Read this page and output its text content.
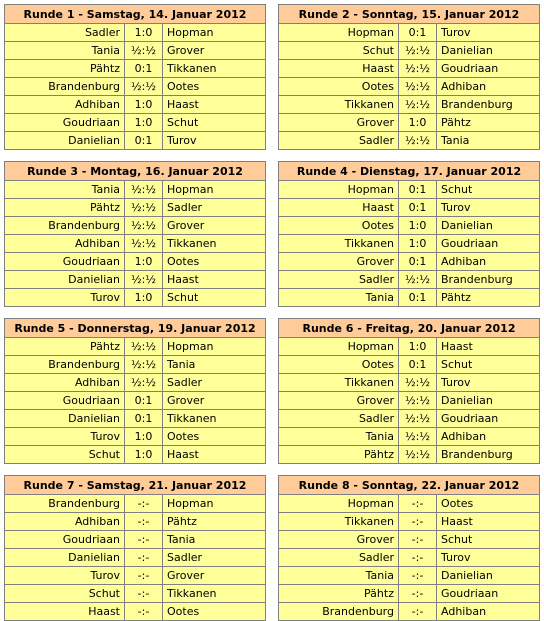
Runde 1 - Samstag, 14. Januar 2012		
Sadler	1:0	Hopman
Tania	½:½	Grover
Pähtz	0:1	Tikkanen
Brandenburg	½:½	Ootes
Adhiban	1:0	Haast
Goudriaan	1:0	Schut
Danielian	0:1	Turov
Runde 2 - Sonntag, 15. Januar 2012		
Hopman	0:1	Turov
Schut	½:½	Danielian
Haast	½:½	Goudriaan
Ootes	½:½	Adhiban
Tikkanen	½:½	Brandenburg
Grover	1:0	Pähtz
Sadler	½:½	Tania
Runde 3 - Montag, 16. Januar 2012		
Tania	½:½	Hopman
Pähtz	½:½	Sadler
Brandenburg	½:½	Grover
Adhiban	½:½	Tikkanen
Goudriaan	1:0	Ootes
Danielian	½:½	Haast
Turov	1:0	Schut
Runde 4 - Dienstag, 17. Januar 2012		
Hopman	0:1	Schut
Haast	0:1	Turov
Ootes	1:0	Danielian
Tikkanen	1:0	Goudriaan
Grover	0:1	Adhiban
Sadler	½:½	Brandenburg
Tania	0:1	Pähtz
Runde 5 - Donnerstag, 19. Januar 2012		
Pähtz	½:½	Hopman
Brandenburg	½:½	Tania
Adhiban	½:½	Sadler
Goudriaan	0:1	Grover
Danielian	0:1	Tikkanen
Turov	1:0	Ootes
Schut	1:0	Haast
Runde 6 - Freitag, 20. Januar 2012		
Hopman	1:0	Haast
Ootes	0:1	Schut
Tikkanen	½:½	Turov
Grover	½:½	Danielian
Sadler	½:½	Goudriaan
Tania	½:½	Adhiban
Pähtz	½:½	Brandenburg
Runde 7 - Samstag, 21. Januar 2012		
Brandenburg	-:-	Hopman
Adhiban	-:-	Pähtz
Goudriaan	-:-	Tania
Danielian	-:-	Sadler
Turov	-:-	Grover
Schut	-:-	Tikkanen
Haast	-:-	Ootes
Runde 8 - Sonntag, 22. Januar 2012		
Hopman	-:-	Ootes
Tikkanen	-:-	Haast
Grover	-:-	Schut
Sadler	-:-	Turov
Tania	-:-	Danielian
Pähtz	-:-	Goudriaan
Brandenburg	-:-	Adhiban
